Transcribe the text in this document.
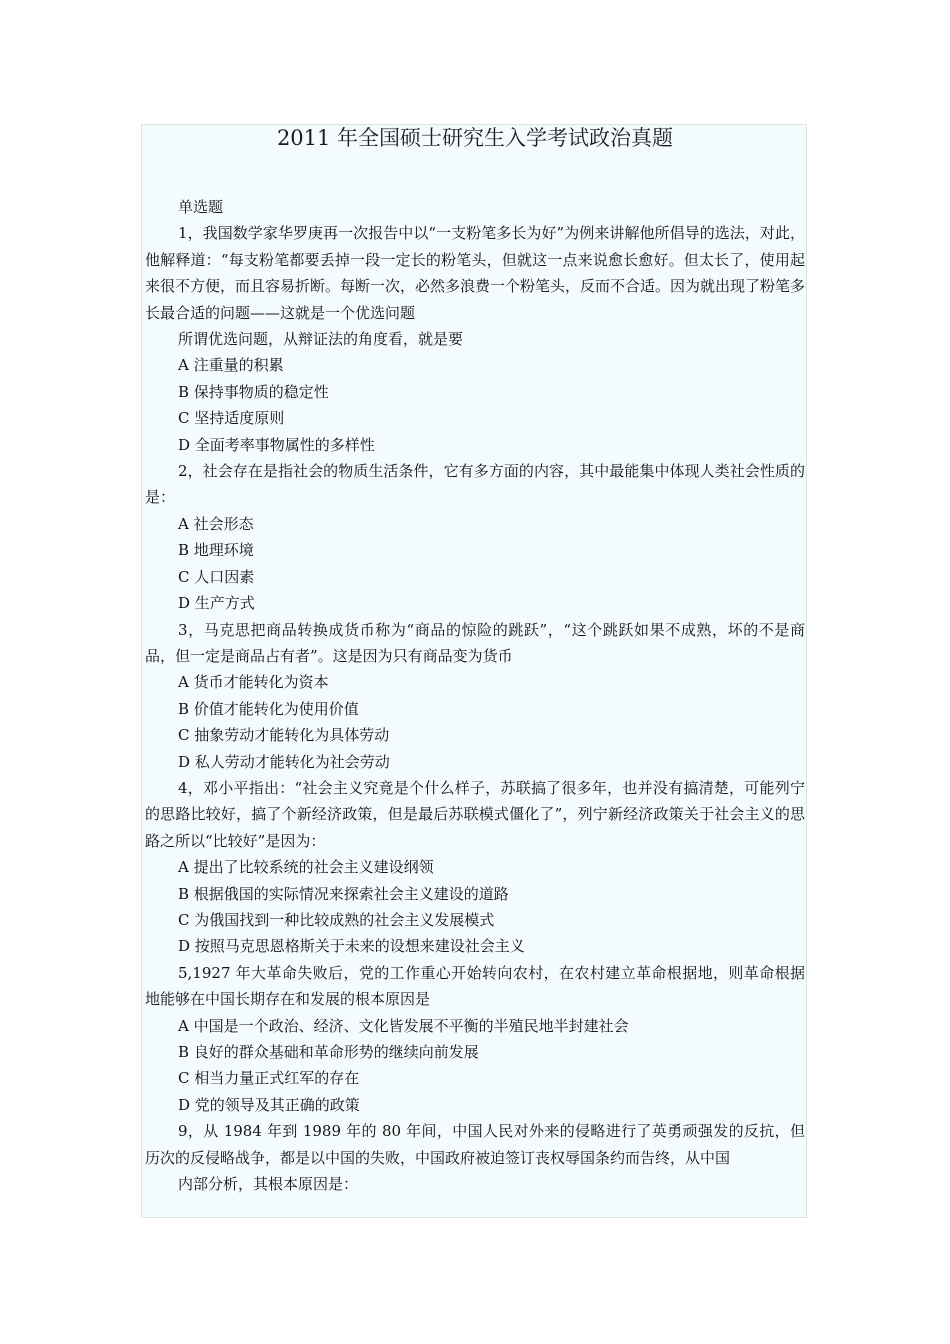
2011 年全国硕士研究生入学考试政治真题

单选题

1，我国数学家华罗庚再一次报告中以“一支粉笔多长为好”为例来讲解他所倡导的选法，对此，他解释道：“每支粉笔都要丢掉一段一定长的粉笔头，但就这一点来说愈长愈好。但太长了，使用起来很不方便，而且容易折断。每断一次，必然多浪费一个粉笔头，反而不合适。因为就出现了粉笔多长最合适的问题——这就是一个优选问题

所谓优选问题，从辩证法的角度看，就是要

A 注重量的积累

B 保持事物质的稳定性

C 坚持适度原则

D 全面考率事物属性的多样性

2，社会存在是指社会的物质生活条件，它有多方面的内容，其中最能集中体现人类社会性质的是：

A 社会形态

B 地理环境

C 人口因素

D 生产方式

3，马克思把商品转换成货币称为“商品的惊险的跳跃”，“这个跳跃如果不成熟，坏的不是商品，但一定是商品占有者”。这是因为只有商品变为货币

A 货币才能转化为资本

B 价值才能转化为使用价值

C 抽象劳动才能转化为具体劳动

D 私人劳动才能转化为社会劳动

4，邓小平指出：“社会主义究竟是个什么样子，苏联搞了很多年，也并没有搞清楚，可能列宁的思路比较好，搞了个新经济政策，但是最后苏联模式僵化了”，列宁新经济政策关于社会主义的思路之所以“比较好”是因为：

A 提出了比较系统的社会主义建设纲领

B 根据俄国的实际情况来探索社会主义建设的道路

C 为俄国找到一种比较成熟的社会主义发展模式

D 按照马克思恩格斯关于未来的设想来建设社会主义

5,1927 年大革命失败后，党的工作重心开始转向农村，在农村建立革命根据地，则革命根据地能够在中国长期存在和发展的根本原因是

A 中国是一个政治、经济、文化皆发展不平衡的半殖民地半封建社会

B 良好的群众基础和革命形势的继续向前发展

C 相当力量正式红军的存在

D 党的领导及其正确的政策

9，从 1984 年到 1989 年的 80 年间，中国人民对外来的侵略进行了英勇顽强发的反抗，但历次的反侵略战争，都是以中国的失败，中国政府被迫签订丧权辱国条约而告终，从中国

内部分析，其根本原因是：
